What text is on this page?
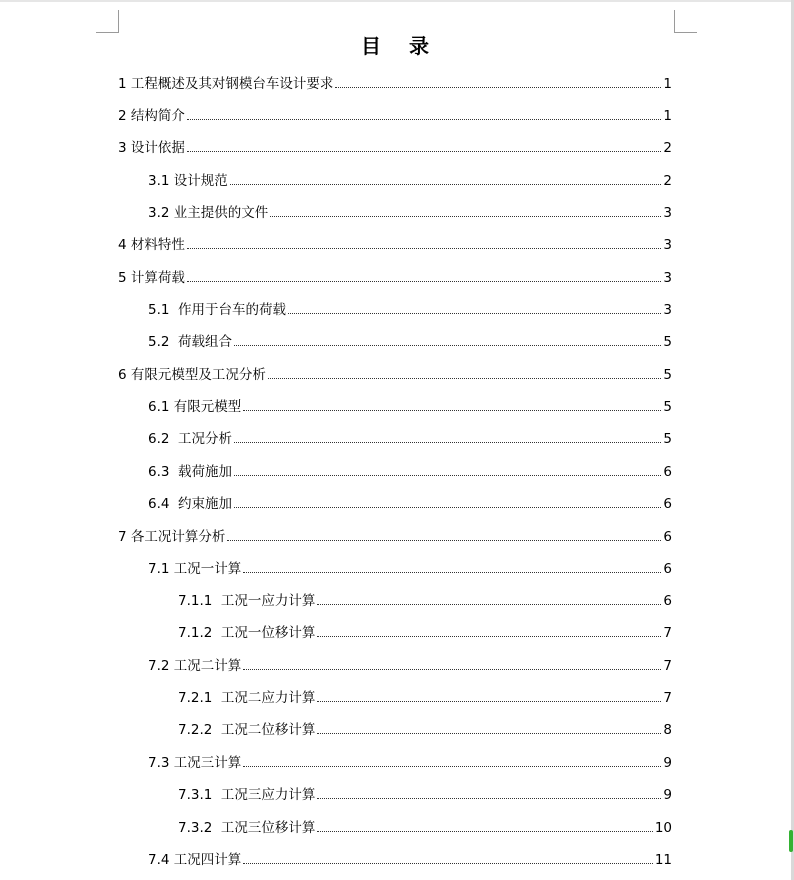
目　录
1 工程概述及其对钢模台车设计要求	1
2 结构简介	1
3 设计依据	2
3.1 设计规范	2
3.2 业主提供的文件	3
4 材料特性	3
5 计算荷载	3
5.1  作用于台车的荷载	3
5.2  荷载组合	5
6 有限元模型及工况分析	5
6.1 有限元模型	5
6.2  工况分析	5
6.3  载荷施加	6
6.4  约束施加	6
7 各工况计算分析	6
7.1 工况一计算	6
7.1.1  工况一应力计算	6
7.1.2  工况一位移计算	7
7.2 工况二计算	7
7.2.1  工况二应力计算	7
7.2.2  工况二位移计算	8
7.3 工况三计算	9
7.3.1  工况三应力计算	9
7.3.2  工况三位移计算	10
7.4 工况四计算	11
